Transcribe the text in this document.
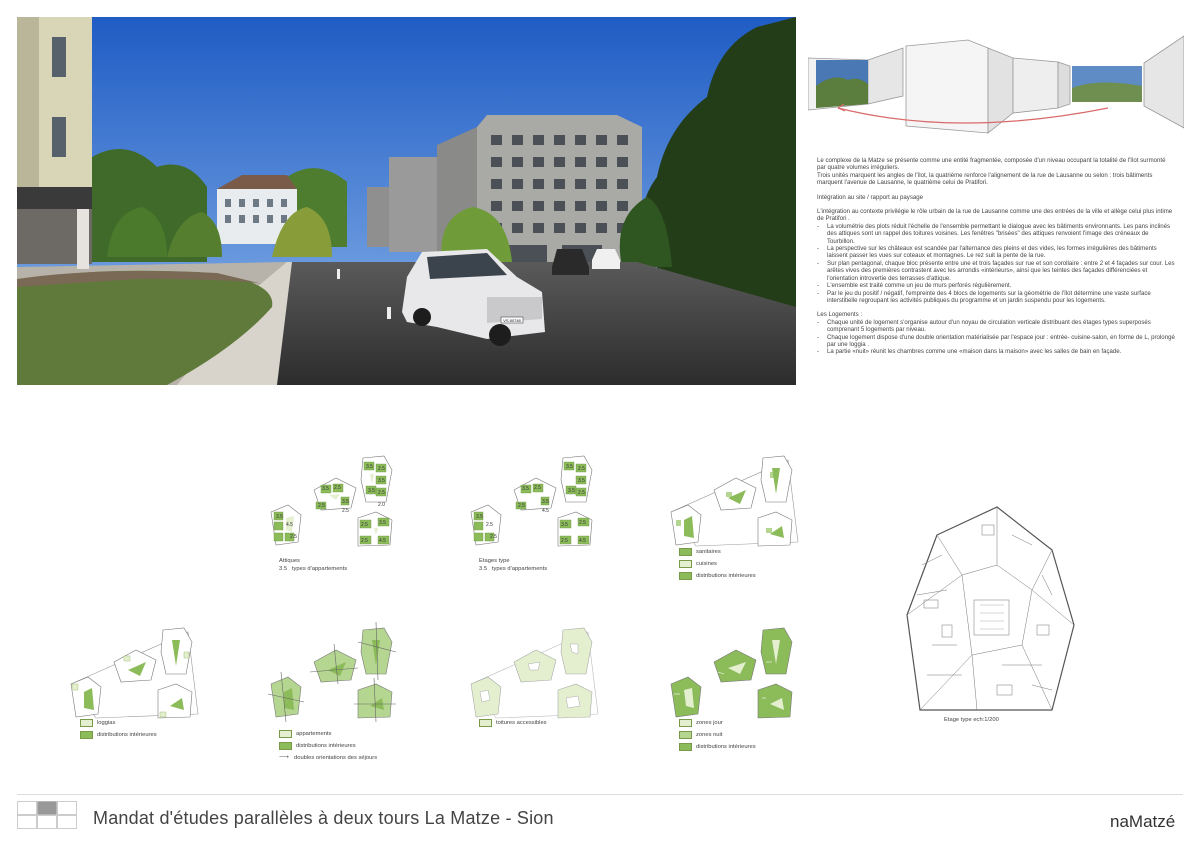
VS 80748

Le complexe de la Matze se présente comme une entité fragmentée, composée d'un niveau occupant la totalité de l'îlot surmonté par quatre volumes irréguliers.

Trois unités marquent les angles de l'îlot, la quatrième renforce l'alignement de la rue de Lausanne ou selon : trois bâtiments marquent l'avenue de Lausanne, le quatrième celui de Pratifori.

Intégration au site / rapport au paysage

L'intégration au contexte privilégie le rôle urbain de la rue de Lausanne comme une des entrées de la ville et allège celui plus intime de Pratifori .

- La volumétrie des plots réduit l'échelle de l'ensemble permettant le dialogue avec les bâtiments environnants. Les pans inclinés des attiques sont un rappel des toitures voisines. Les fenêtres "brisées" des attiques renvoient l'image des créneaux de Tourbillon.
- La perspective sur les châteaux est scandée par l'alternance des pleins et des vides, les formes irrégulières des bâtiments laissent passer les vues sur coteaux et montagnes. Le rez suit la pente de la rue.
- Sur plan pentagonal, chaque bloc présente entre une et trois façades sur rue et son corollaire : entre 2 et 4 façades sur cour. Les arêtes vives des premières contrastent avec les arrondis «intérieurs», ainsi que les teintes des façades différenciées et l'orientation introvertie des terrasses d'attique.
- L'ensemble est traité comme un jeu de murs perforés régulièrement.
- Par le jeu du positif / négatif, l'empreinte des 4 blocs de logements sur la géométrie de l'îlot détermine une vaste surface interstitielle regroupant les activités publiques du programme et un jardin suspendu pour les logements.

Les Logements :

- Chaque unité de logement s'organise autour d'un noyau de circulation verticale distribuant des étages types superposés comprenant 5 logements par niveau.
- Chaque logement dispose d'une double orientation matérialisée par l'espace jour : entrée- cuisine-salon, en forme de L, prolongé par une loggia .
- La partie «nuit» réunit les chambres comme une «maison dans la maison» avec les salles de bain en façade.
3.5
2.5
3.5 2.5
2.5
3.5
3.5 2.5
3.5
3.5 2.5
2.0
2.5 3.5
2.5 4.5
2.5
4.5
Attiques
3.5 types d'appartements
3.5
2.5
3.5 2.5
2.5
3.5
3.5 2.5
3.5
3.5 2.5
3.5 2.5
2.5 4.5
2.5
4.5
Etages type
3.5 types d'appartements
sanitaires
cuisines
distributions intérieures
loggias
distributions intérieures	appartements
distributions intérieures
⟶ doubles orientations des séjours
toitures accessibles	zones jour
zones nuit
distributions intérieures
Etage type ech:1/200
Mandat d'études parallèles à deux tours La Matze - Sion	naMatzé
